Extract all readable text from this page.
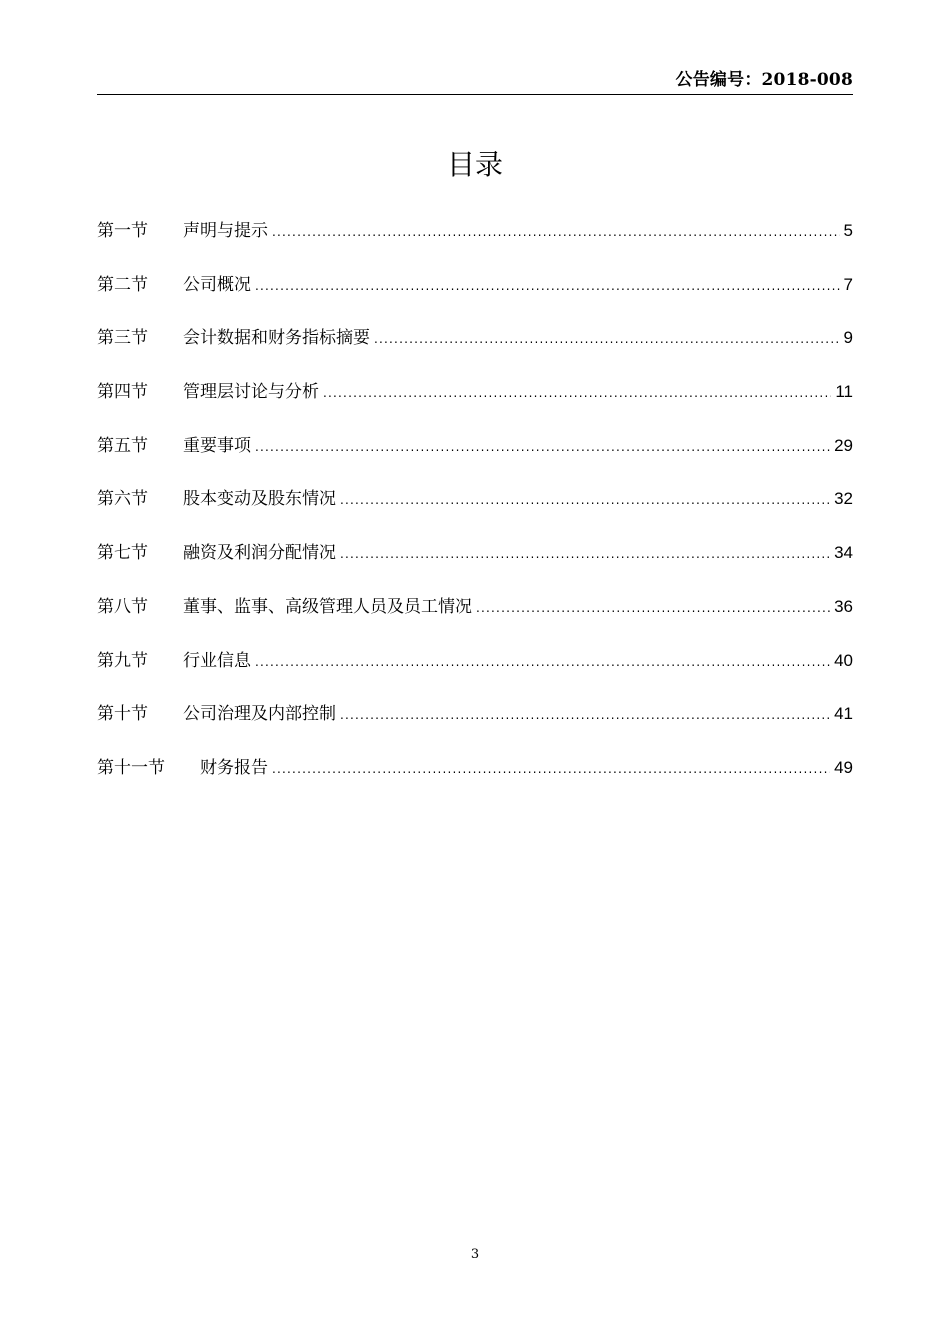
公告编号：2018-008
目录
第一节	声明与提示 .....	5
第二节	公司概况 .....	7
第三节	会计数据和财务指标摘要 .....	9
第四节	管理层讨论与分析 .....	11
第五节	重要事项 .....	29
第六节	股本变动及股东情况 .....	32
第七节	融资及利润分配情况 .....	34
第八节	董事、监事、高级管理人员及员工情况 .....	36
第九节	行业信息 .....	40
第十节	公司治理及内部控制 .....	41
第十一节	财务报告 .....	49
3
